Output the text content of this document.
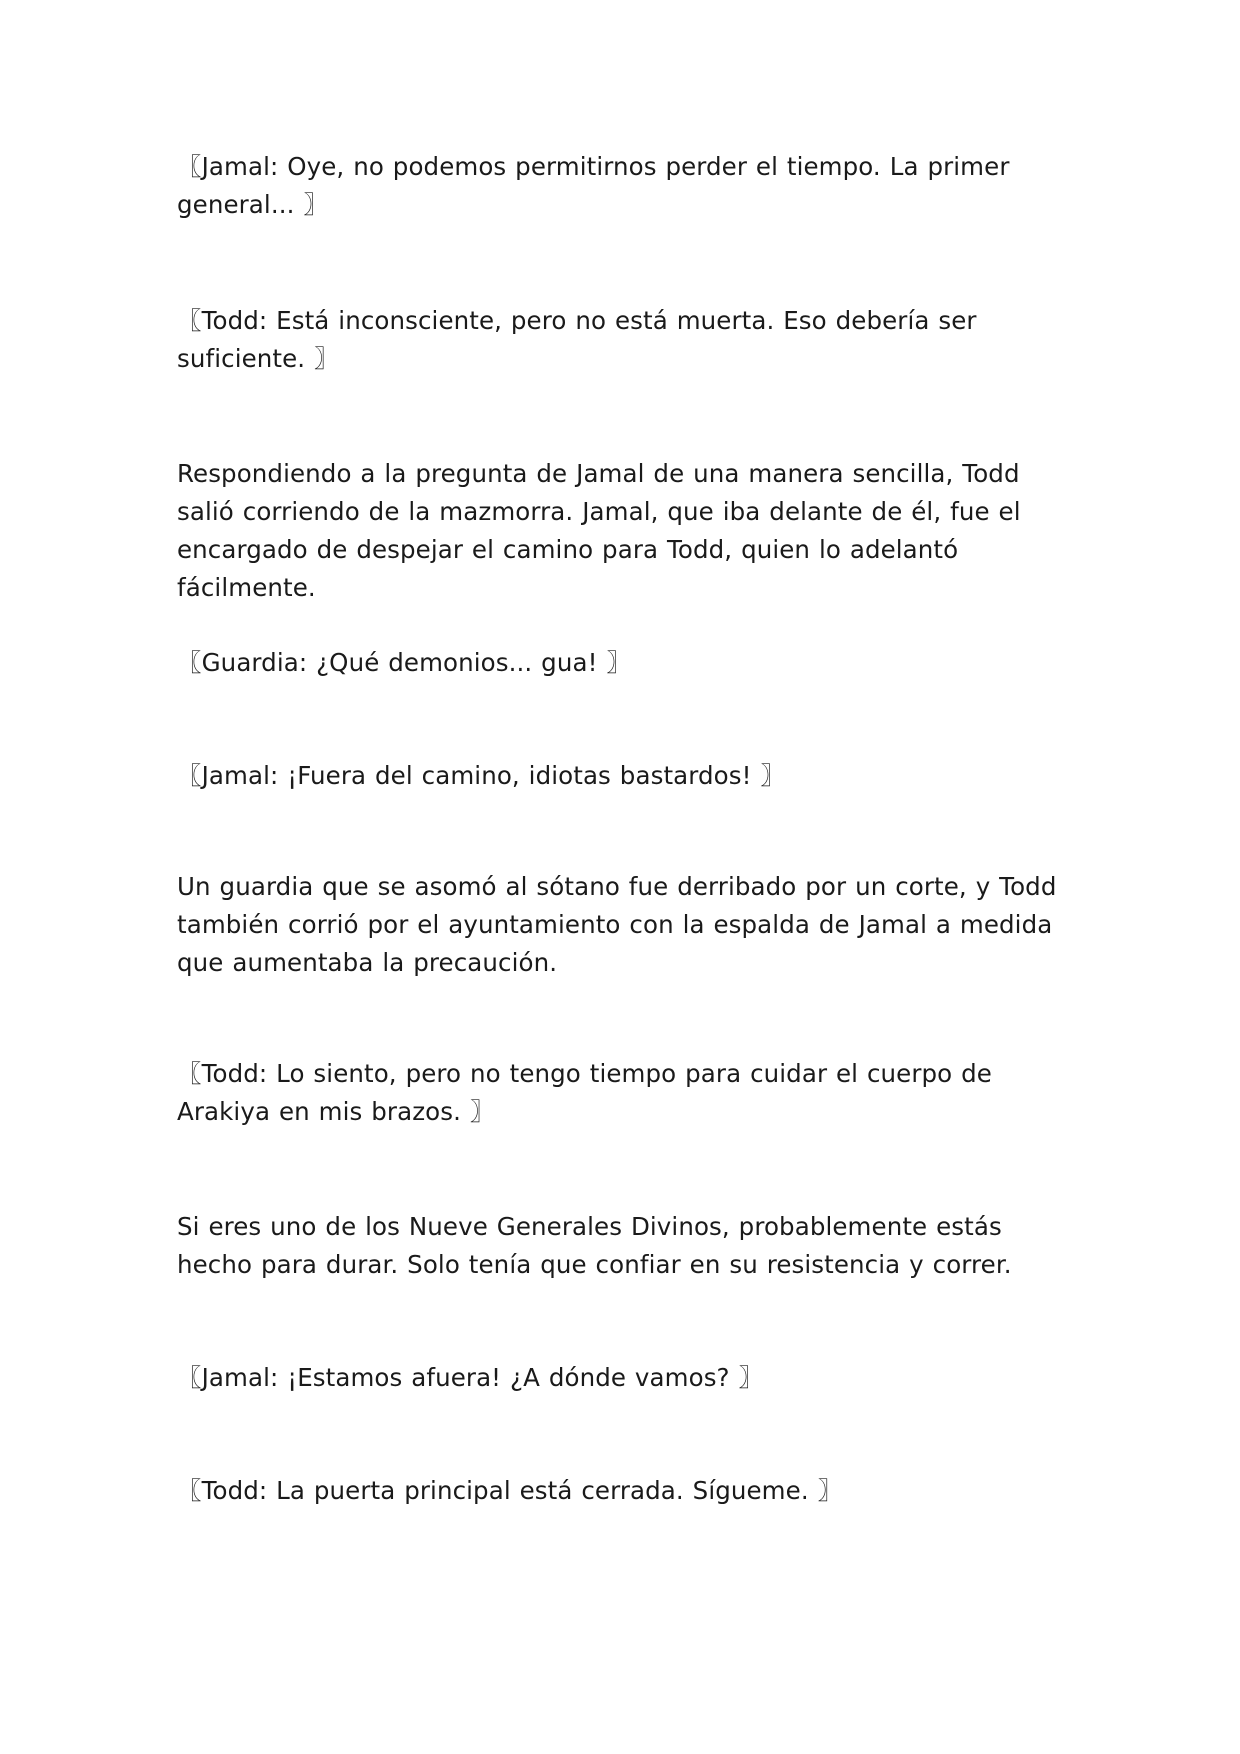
〖Jamal: Oye, no podemos permitirnos perder el tiempo. La primer general... 〗

〖Todd: Está inconsciente, pero no está muerta. Eso debería ser suficiente. 〗

Respondiendo a la pregunta de Jamal de una manera sencilla, Todd salió corriendo de la mazmorra. Jamal, que iba delante de él, fue el encargado de despejar el camino para Todd, quien lo adelantó fácilmente.

〖Guardia: ¿Qué demonios... gua! 〗

〖Jamal: ¡Fuera del camino, idiotas bastardos! 〗

Un guardia que se asomó al sótano fue derribado por un corte, y Todd también corrió por el ayuntamiento con la espalda de Jamal a medida que aumentaba la precaución.

〖Todd: Lo siento, pero no tengo tiempo para cuidar el cuerpo de Arakiya en mis brazos. 〗

Si eres uno de los Nueve Generales Divinos, probablemente estás hecho para durar. Solo tenía que confiar en su resistencia y correr.

〖Jamal: ¡Estamos afuera! ¿A dónde vamos? 〗

〖Todd: La puerta principal está cerrada. Sígueme. 〗
